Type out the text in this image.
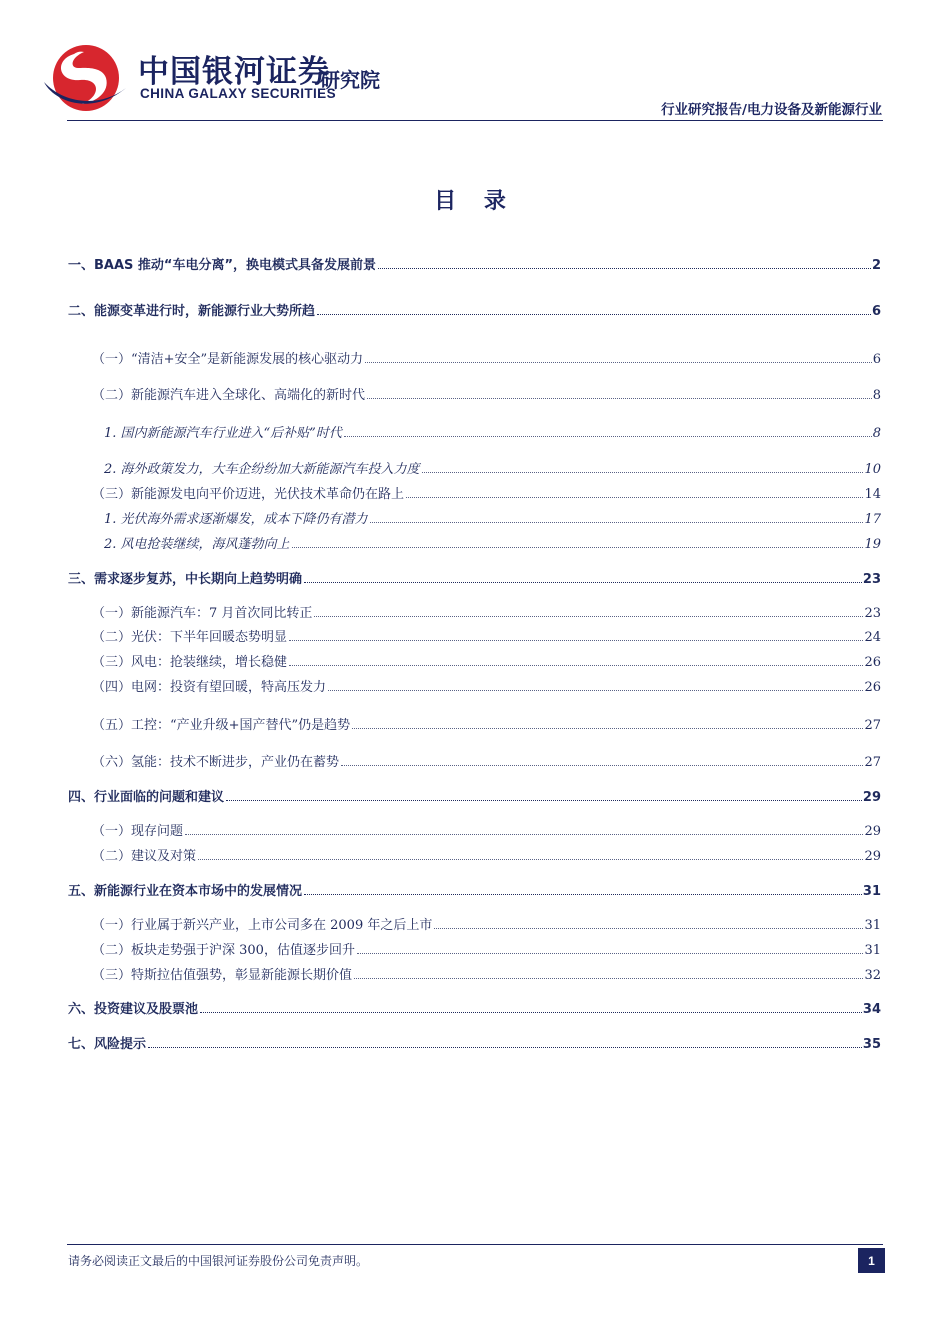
中国银河证券
CHINA GALAXY SECURITIES
研究院
行业研究报告/电力设备及新能源行业
目 录
一、BAAS 推动“车电分离”，换电模式具备发展前景	2
二、能源变革进行时，新能源行业大势所趋	6
（一）“清洁+安全”是新能源发展的核心驱动力	6
（二）新能源汽车进入全球化、高端化的新时代	8
1. 国内新能源汽车行业进入“后补贴”时代	8
2. 海外政策发力，大车企纷纷加大新能源汽车投入力度	10
（三）新能源发电向平价迈进，光伏技术革命仍在路上	14
1. 光伏海外需求逐渐爆发，成本下降仍有潜力	17
2. 风电抢装继续，海风蓬勃向上	19
三、需求逐步复苏，中长期向上趋势明确	23
（一）新能源汽车：7 月首次同比转正	23
（二）光伏：下半年回暖态势明显	24
（三）风电：抢装继续，增长稳健	26
（四）电网：投资有望回暖，特高压发力	26
（五）工控：“产业升级+国产替代”仍是趋势	27
（六）氢能：技术不断进步，产业仍在蓄势	27
四、行业面临的问题和建议	29
（一）现存问题	29
（二）建议及对策	29
五、新能源行业在资本市场中的发展情况	31
（一）行业属于新兴产业，上市公司多在 2009 年之后上市	31
（二）板块走势强于沪深 300，估值逐步回升	31
（三）特斯拉估值强势，彰显新能源长期价值	32
六、投资建议及股票池	34
七、风险提示	35
请务必阅读正文最后的中国银河证券股份公司免责声明。	1
